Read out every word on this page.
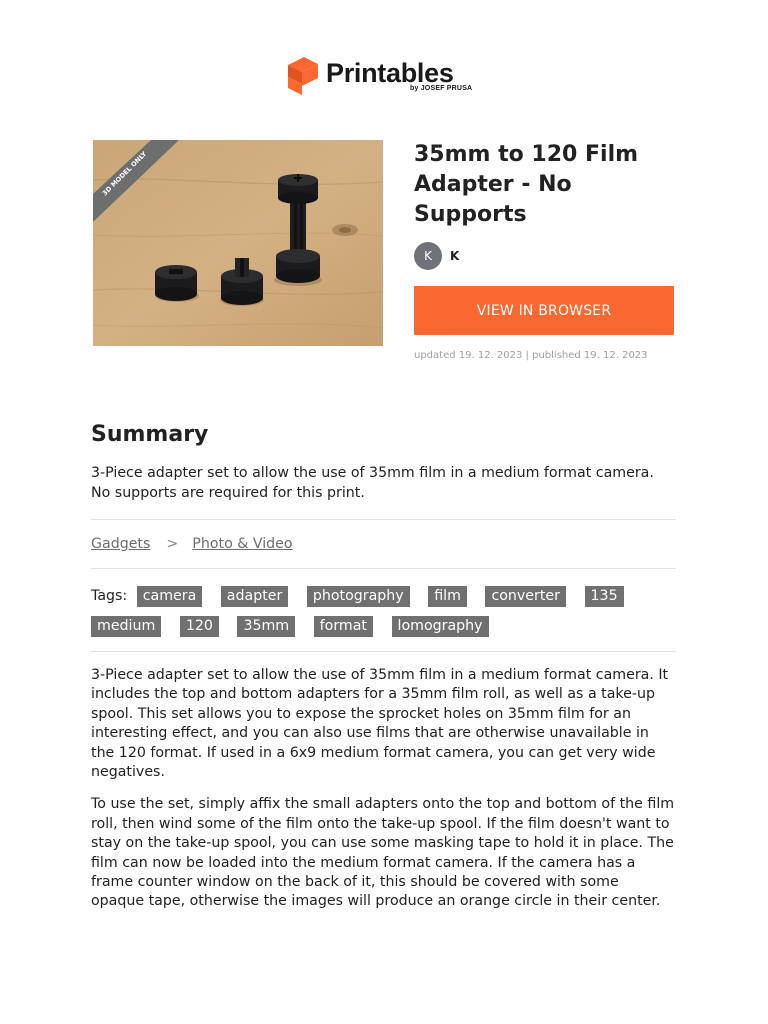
Printables
by JOSEF PRUSA
3D MODEL ONLY	35mm to 120 Film Adapter - No Supports
K	K
VIEW IN BROWSER
updated 19. 12. 2023 | published 19. 12. 2023
Summary

3-Piece adapter set to allow the use of 35mm film in a medium format camera. No supports are required for this print.

Gadgets > Photo & Video
Tags: camera adapter photography film converter 135 medium 120 35mm format lomography

3-Piece adapter set to allow the use of 35mm film in a medium format camera. It includes the top and bottom adapters for a 35mm film roll, as well as a take-up spool. This set allows you to expose the sprocket holes on 35mm film for an interesting effect, and you can also use films that are otherwise unavailable in the 120 format. If used in a 6x9 medium format camera, you can get very wide negatives.

To use the set, simply affix the small adapters onto the top and bottom of the film roll, then wind some of the film onto the take-up spool. If the film doesn't want to stay on the take-up spool, you can use some masking tape to hold it in place. The film can now be loaded into the medium format camera. If the camera has a frame counter window on the back of it, this should be covered with some opaque tape, otherwise the images will produce an orange circle in their center.
